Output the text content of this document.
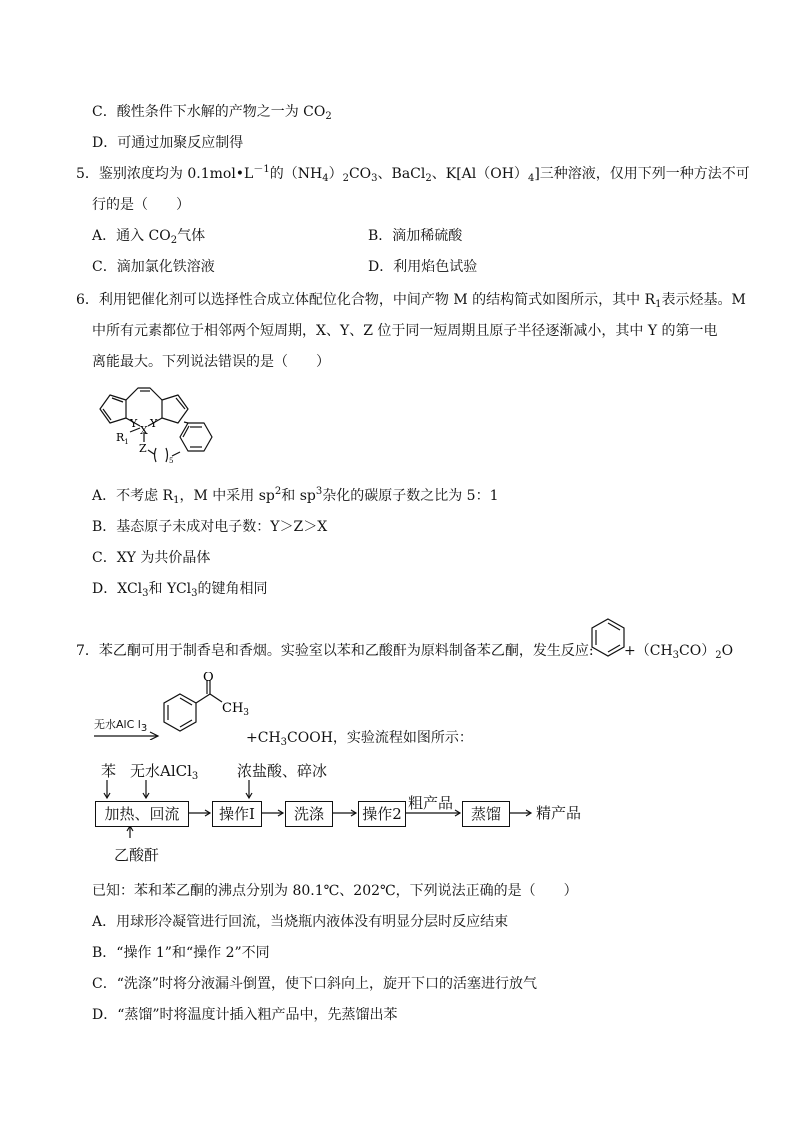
C．酸性条件下水解的产物之一为 $CO_2$
D．可通过加聚反应制得
5．鉴别浓度均为 $0.1mol•L^{-1}$的$(NH_4)_2CO_3$、BaCl$_2$、$K[Al(OH)_4]$三种溶液，仅用下列一种方法不可
行的是（　　）
A．通入 $CO_2$气体	B．滴加稀硫酸
C．滴加氯化铁溶液	D．利用焰色试验
6．利用钯催化剂可以选择性合成立体配位化合物，中间产物 M 的结构简式如图所示，其中 $R_1$表示烃基。M
中所有元素都位于相邻两个短周期，X、Y、Z 位于同一短周期且原子半径逐渐减小，其中 Y 的第一电
离能最大。下列说法错误的是（　　）
Y
X
Y
$R_1$ Z
5
A．不考虑 $R_1$，M 中采用 $sp^2$和 $sp^3$杂化的碳原子数之比为 5：1
B．基态原子未成对电子数：Y＞Z＞X
C．XY 为共价晶体
D．XCl$_3$和 YCl$_3$的键角相同
7．苯乙酮可用于制香皂和香烟。实验室以苯和乙酸酐为原料制备苯乙酮，发生反应: $+(CH_3CO)_2O$
无水AlC $l_3$
O
$CH_3$
$+CH_3COOH$，实验流程如图所示：
苯 无水AlCl$_3$	浓盐酸、碎冰
加热、回流	操作Ⅰ	洗涤	操作2
粗产品
蒸馏	精产品
乙酸酐
已知：苯和苯乙酮的沸点分别为 80.1℃、202℃，下列说法正确的是（　　）
A．用球形冷凝管进行回流，当烧瓶内液体没有明显分层时反应结束
B．“操作 1”和“操作 2”不同
C．“洗涤”时将分液漏斗倒置，使下口斜向上，旋开下口的活塞进行放气
D．“蒸馏”时将温度计插入粗产品中，先蒸馏出苯
